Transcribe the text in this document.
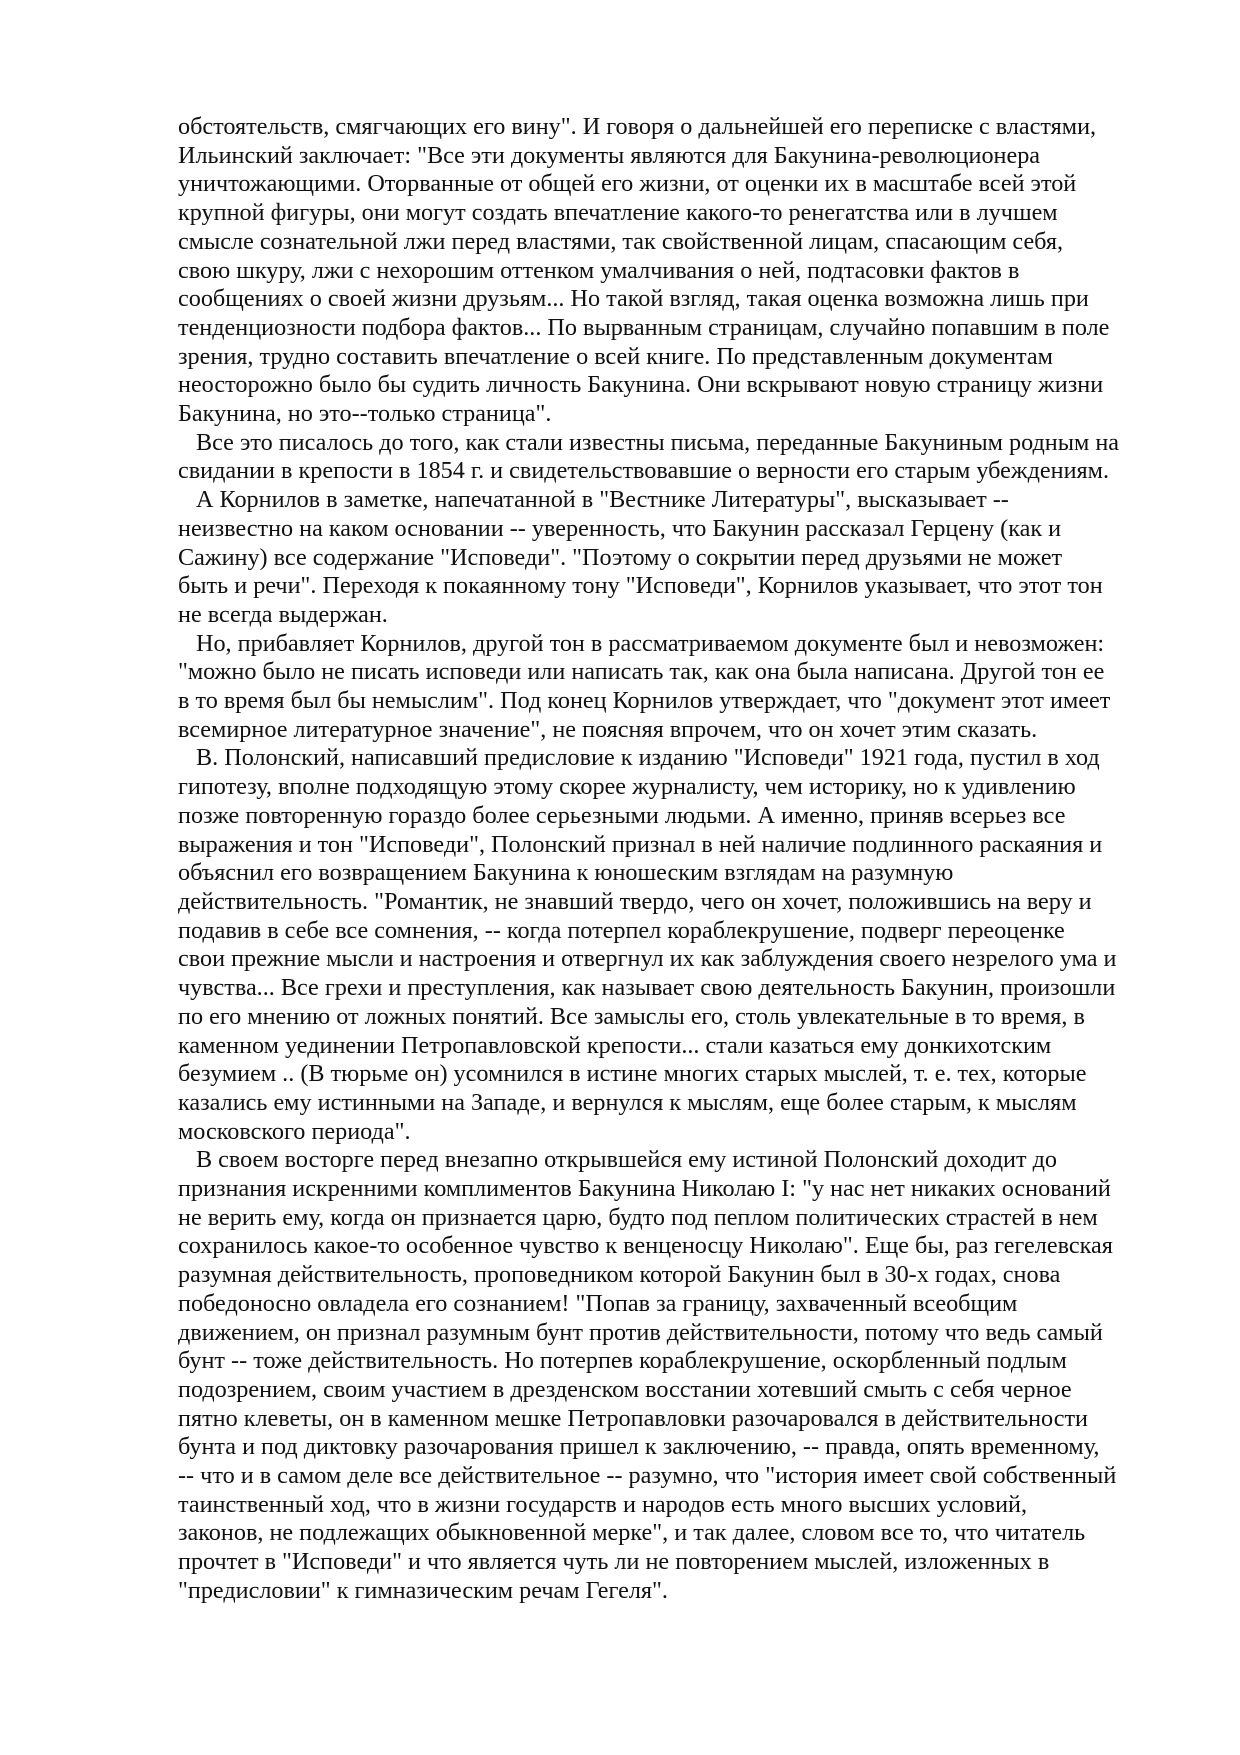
обстоятельств, смягчающих его вину". И говоря о дальнейшей его переписке с властями,
Ильинский заключает: "Все эти документы являются для Бакунина-революционера
уничтожающими. Оторванные от общей его жизни, от оценки их в масштабе всей этой
крупной фигуры, они могут создать впечатление какого-то ренегатства или в лучшем
смысле сознательной лжи перед властями, так свойственной лицам, спасающим себя,
свою шкуру, лжи с нехорошим оттенком умалчивания о ней, подтасовки фактов в
сообщениях о своей жизни друзьям... Но такой взгляд, такая оценка возможна лишь при
тенденциозности подбора фактов... По вырванным страницам, случайно попавшим в поле
зрения, трудно составить впечатление о всей книге. По представленным документам
неосторожно было бы судить личность Бакунина. Они вскрывают новую страницу жизни
Бакунина, но это--только страница".
Все это писалось до того, как стали известны письма, переданные Бакуниным родным на
свидании в крепости в 1854 г. и свидетельствовавшие о верности его старым убеждениям.
А Корнилов в заметке, напечатанной в "Вестнике Литературы", высказывает --
неизвестно на каком основании -- уверенность, что Бакунин рассказал Герцену (как и
Сажину) все содержание "Исповеди". "Поэтому о сокрытии перед друзьями не может
быть и речи". Переходя к покаянному тону "Исповеди", Корнилов указывает, что этот тон
не всегда выдержан.
Но, прибавляет Корнилов, другой тон в рассматриваемом документе был и невозможен:
"можно было не писать исповеди или написать так, как она была написана. Другой тон ее
в то время был бы немыслим". Под конец Корнилов утверждает, что "документ этот имеет
всемирное литературное значение", не поясняя впрочем, что он хочет этим сказать.
В. Полонский, написавший предисловие к изданию "Исповеди" 1921 года, пустил в ход
гипотезу, вполне подходящую этому скорее журналисту, чем историку, но к удивлению
позже повторенную гораздо более серьезными людьми. А именно, приняв всерьез все
выражения и тон "Исповеди", Полонский признал в ней наличие подлинного раскаяния и
объяснил его возвращением Бакунина к юношеским взглядам на разумную
действительность. "Романтик, не знавший твердо, чего он хочет, положившись на веру и
подавив в себе все сомнения, -- когда потерпел кораблекрушение, подверг переоценке
свои прежние мысли и настроения и отвергнул их как заблуждения своего незрелого ума и
чувства... Все грехи и преступления, как называет свою деятельность Бакунин, произошли
по его мнению от ложных понятий. Все замыслы его, столь увлекательные в то время, в
каменном уединении Петропавловской крепости... стали казаться ему донкихотским
безумием .. (В тюрьме он) усомнился в истине многих старых мыслей, т. е. тех, которые
казались ему истинными на Западе, и вернулся к мыслям, еще более старым, к мыслям
московского периода".
В своем восторге перед внезапно открывшейся ему истиной Полонский доходит до
признания искренними комплиментов Бакунина Николаю I: "у нас нет никаких оснований
не верить ему, когда он признается царю, будто под пеплом политических страстей в нем
сохранилось какое-то особенное чувство к венценосцу Николаю". Еще бы, раз гегелевская
разумная действительность, проповедником которой Бакунин был в 30-х годах, снова
победоносно овладела его сознанием! "Попав за границу, захваченный всеобщим
движением, он признал разумным бунт против действительности, потому что ведь самый
бунт -- тоже действительность. Но потерпев кораблекрушение, оскорбленный подлым
подозрением, своим участием в дрезденском восстании хотевший смыть с себя черное
пятно клеветы, он в каменном мешке Петропавловки разочаровался в действительности
бунта и под диктовку разочарования пришел к заключению, -- правда, опять временному,
-- что и в самом деле все действительное -- разумно, что "история имеет свой собственный
таинственный ход, что в жизни государств и народов есть много высших условий,
законов, не подлежащих обыкновенной мерке", и так далее, словом все то, что читатель
прочтет в "Исповеди" и что является чуть ли не повторением мыслей, изложенных в
"предисловии" к гимназическим речам Гегеля".
